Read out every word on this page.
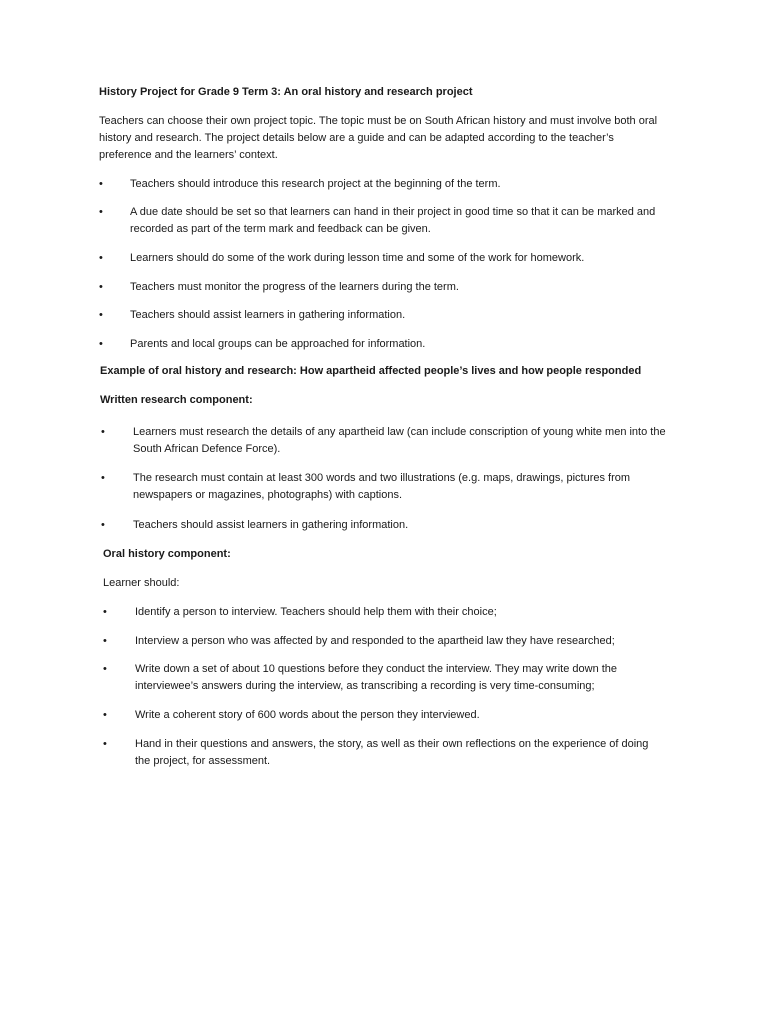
History Project for Grade 9 Term 3: An oral history and research project
Teachers can choose their own project topic. The topic must be on South African history and must involve both oral history and research. The project details below are a guide and can be adapted according to the teacher’s preference and the learners’ context.
• Teachers should introduce this research project at the beginning of the term.
• A due date should be set so that learners can hand in their project in good time so that it can be marked and recorded as part of the term mark and feedback can be given.
• Learners should do some of the work during lesson time and some of the work for homework.
• Teachers must monitor the progress of the learners during the term.
• Teachers should assist learners in gathering information.
• Parents and local groups can be approached for information.
Example of oral history and research: How apartheid affected people’s lives and how people responded
Written research component:
•	Learners must research the details of any apartheid law (can include conscription of young white men into the South African Defence Force).
•	The research must contain at least 300 words and two illustrations (e.g. maps, drawings, pictures from newspapers or magazines, photographs) with captions.
•	Teachers should assist learners in gathering information.
Oral history component:
Learner should:
•	Identify a person to interview. Teachers should help them with their choice;
•	Interview a person who was affected by and responded to the apartheid law they have researched;
•	Write down a set of about 10 questions before they conduct the interview. They may write down the interviewee’s answers during the interview, as transcribing a recording is very time-consuming;
•	Write a coherent story of 600 words about the person they interviewed.
•	Hand in their questions and answers, the story, as well as their own reflections on the experience of doing the project, for assessment.
